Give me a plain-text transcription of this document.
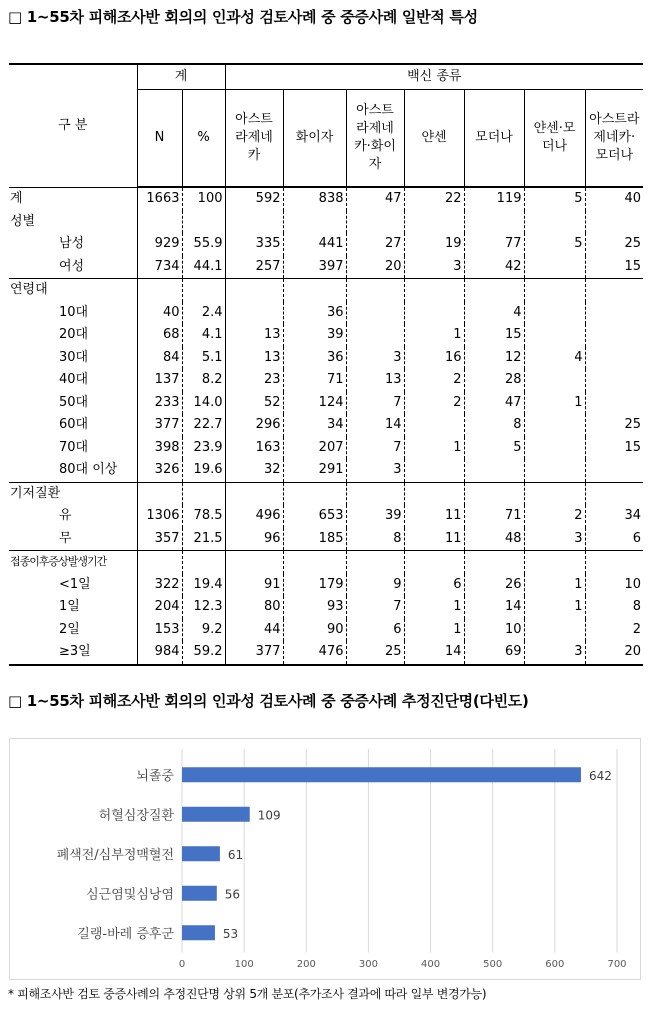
□ 1~55차 피해조사반 회의의 인과성 검토사례 중 중증사례 일반적 특성
구 분	계		백신 종류						
	N	%	아스트라제네카	화이자	아스트라제네카·화이자	얀센	모더나	얀센·모더나	아스트라제네카·모더나
계	1663	100	592	838	47	22	119	5	40
성별									
남성	929	55.9	335	441	27	19	77	5	25
여성	734	44.1	257	397	20	3	42		15
연령대									
10대	40	2.4		36			4		
20대	68	4.1	13	39		1	15		
30대	84	5.1	13	36	3	16	12	4	
40대	137	8.2	23	71	13	2	28		
50대	233	14.0	52	124	7	2	47	1	
60대	377	22.7	296	34	14		8		25
70대	398	23.9	163	207	7	1	5		15
80대 이상	326	19.6	32	291	3				
기저질환									
유	1306	78.5	496	653	39	11	71	2	34
무	357	21.5	96	185	8	11	48	3	6
접종이후증상발생기간									
<1일	322	19.4	91	179	9	6	26	1	10
1일	204	12.3	80	93	7	1	14	1	8
2일	153	9.2	44	90	6	1	10		2
≥3일	984	59.2	377	476	25	14	69	3	20
□ 1~55차 피해조사반 회의의 인과성 검토사례 중 중증사례 추정진단명(다빈도)
0	100	200	300	400	500	600	700
뇌졸중	642
허혈심장질환	109
폐색전/심부정맥혈전	61
심근염및심낭염	56
길랭-바레 증후군	53
* 피해조사반 검토 중증사례의 추정진단명 상위 5개 분포(추가조사 결과에 따라 일부 변경가능)
